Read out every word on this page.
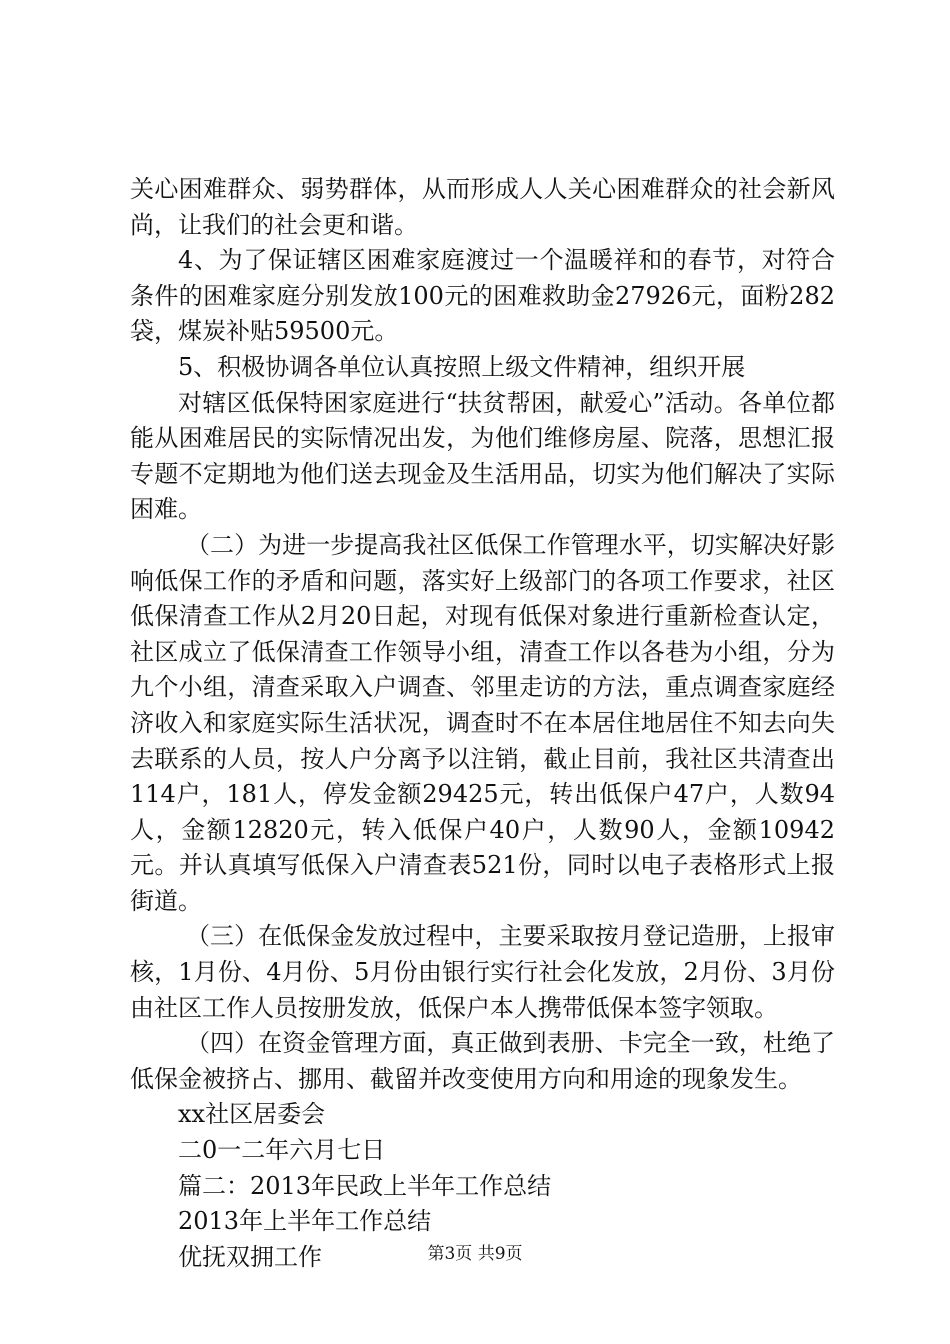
关心困难群众、弱势群体，从而形成人人关心困难群众的社会新风尚，让我们的社会更和谐。

4、为了保证辖区困难家庭渡过一个温暖祥和的春节，对符合条件的困难家庭分别发放100元的困难救助金27926元，面粉282袋，煤炭补贴59500元。

5、积极协调各单位认真按照上级文件精神，组织开展

对辖区低保特困家庭进行“扶贫帮困，献爱心”活动。各单位都能从困难居民的实际情况出发，为他们维修房屋、院落，思想汇报专题不定期地为他们送去现金及生活用品，切实为他们解决了实际困难。

（二）为进一步提高我社区低保工作管理水平，切实解决好影响低保工作的矛盾和问题，落实好上级部门的各项工作要求，社区低保清查工作从2月20日起，对现有低保对象进行重新检查认定，社区成立了低保清查工作领导小组，清查工作以各巷为小组，分为九个小组，清查采取入户调查、邻里走访的方法，重点调查家庭经济收入和家庭实际生活状况，调查时不在本居住地居住不知去向失去联系的人员，按人户分离予以注销，截止目前，我社区共清查出114户，181人，停发金额29425元，转出低保户47户，人数94人，金额12820元，转入低保户40户，人数90人，金额10942元。并认真填写低保入户清查表521份，同时以电子表格形式上报街道。

（三）在低保金发放过程中，主要采取按月登记造册，上报审核，1月份、4月份、5月份由银行实行社会化发放，2月份、3月份由社区工作人员按册发放，低保户本人携带低保本签字领取。

（四）在资金管理方面，真正做到表册、卡完全一致，杜绝了低保金被挤占、挪用、截留并改变使用方向和用途的现象发生。

xx社区居委会

二0一二年六月七日

篇二：2013年民政上半年工作总结

2013年上半年工作总结

优抚双拥工作	第3页 共9页
